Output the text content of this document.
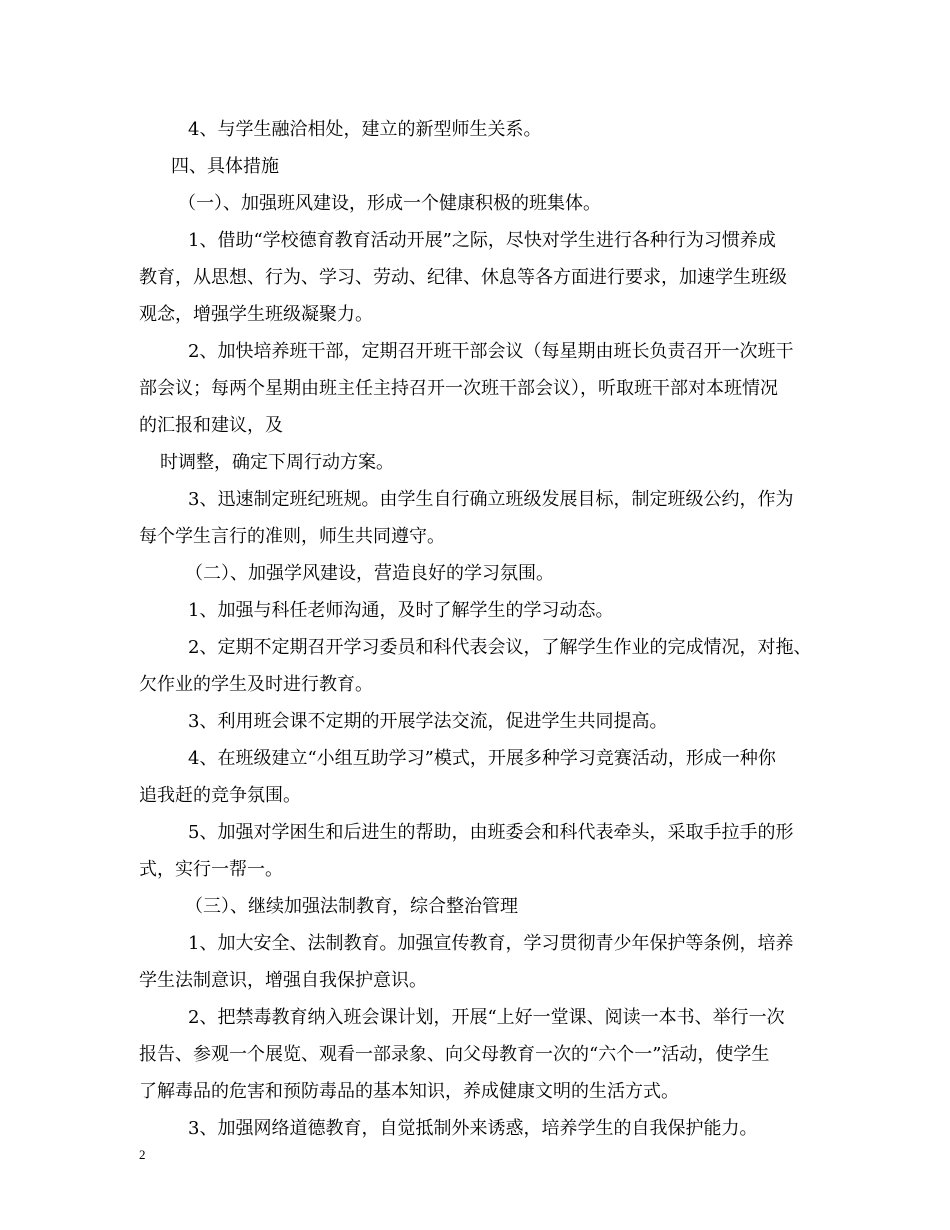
4、与学生融洽相处，建立的新型师生关系。
四、具体措施
（一）、加强班风建设，形成一个健康积极的班集体。
1、借助“学校德育教育活动开展”之际，尽快对学生进行各种行为习惯养成
教育，从思想、行为、学习、劳动、纪律、休息等各方面进行要求，加速学生班级
观念，增强学生班级凝聚力。
2、加快培养班干部，定期召开班干部会议（每星期由班长负责召开一次班干
部会议；每两个星期由班主任主持召开一次班干部会议），听取班干部对本班情况
的汇报和建议，及
时调整，确定下周行动方案。
3、迅速制定班纪班规。由学生自行确立班级发展目标，制定班级公约，作为
每个学生言行的准则，师生共同遵守。
（二）、加强学风建设，营造良好的学习氛围。
1、加强与科任老师沟通，及时了解学生的学习动态。
2、定期不定期召开学习委员和科代表会议，了解学生作业的完成情况，对拖、
欠作业的学生及时进行教育。
3、利用班会课不定期的开展学法交流，促进学生共同提高。
4、在班级建立“小组互助学习”模式，开展多种学习竞赛活动，形成一种你
追我赶的竞争氛围。
5、加强对学困生和后进生的帮助，由班委会和科代表牵头，采取手拉手的形
式，实行一帮一。
（三）、继续加强法制教育，综合整治管理
1、加大安全、法制教育。加强宣传教育，学习贯彻青少年保护等条例，培养
学生法制意识，增强自我保护意识。
2、把禁毒教育纳入班会课计划，开展“上好一堂课、阅读一本书、举行一次
报告、参观一个展览、观看一部录象、向父母教育一次的“六个一”活动，使学生
了解毒品的危害和预防毒品的基本知识，养成健康文明的生活方式。
3、加强网络道德教育，自觉抵制外来诱惑，培养学生的自我保护能力。
2
